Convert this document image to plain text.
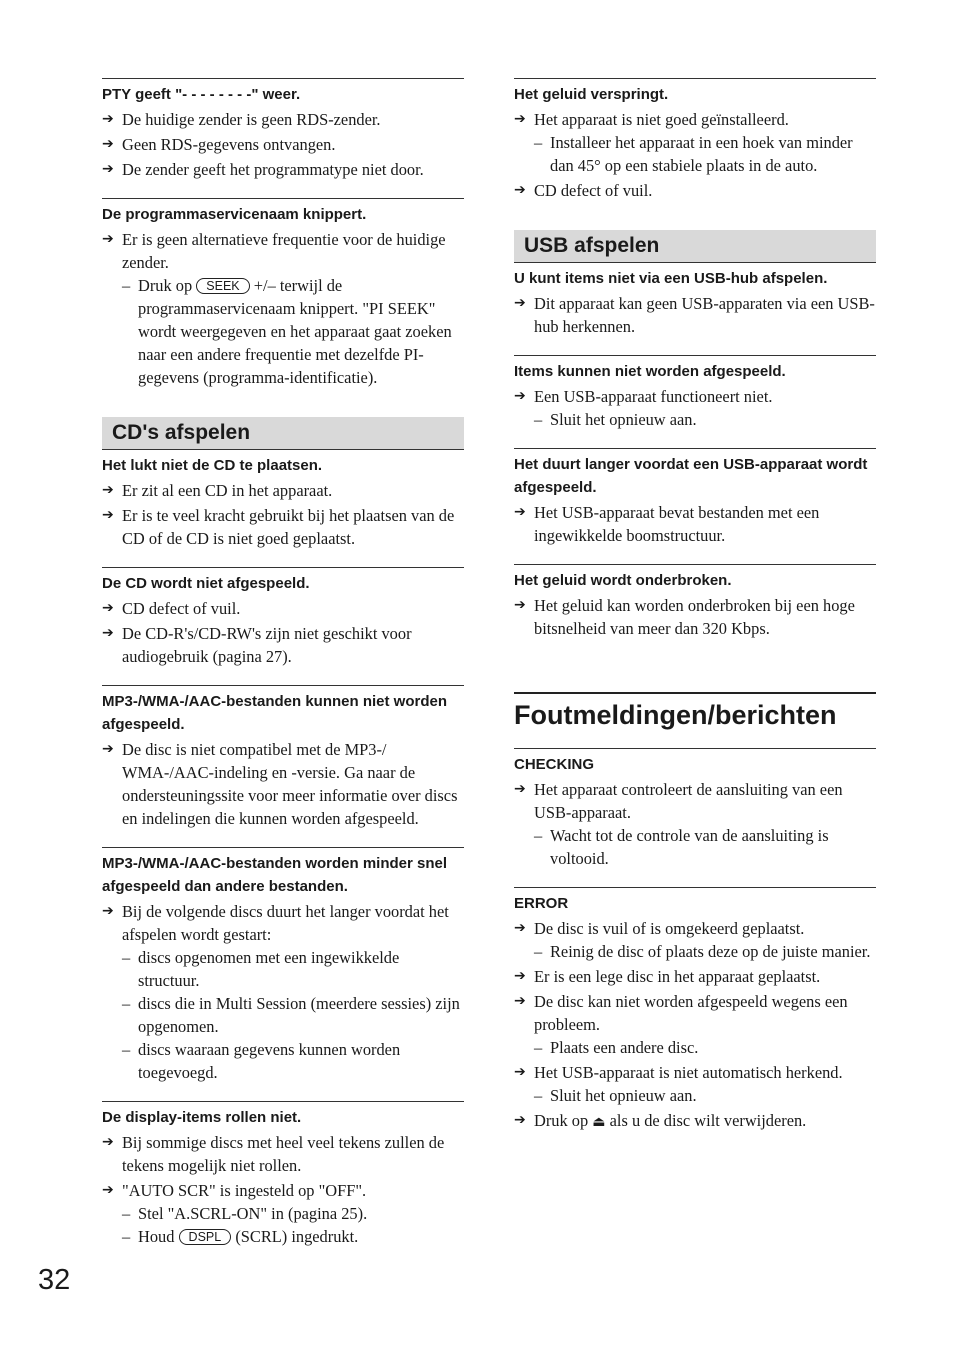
PTY geeft "- - - - - - - -" weer.
➔ De huidige zender is geen RDS-zender.
➔ Geen RDS-gegevens ontvangen.
➔ De zender geeft het programmatype niet door.
De programmaservicenaam knippert.
➔ Er is geen alternatieve frequentie voor de huidige zender.
– Druk op SEEK +/– terwijl de programmaservicenaam knippert. "PI SEEK" wordt weergegeven en het apparaat gaat zoeken naar een andere frequentie met dezelfde PI-gegevens (programma-identificatie).
CD's afspelen
Het lukt niet de CD te plaatsen.
➔ Er zit al een CD in het apparaat.
➔ Er is te veel kracht gebruikt bij het plaatsen van de CD of de CD is niet goed geplaatst.
De CD wordt niet afgespeeld.
➔ CD defect of vuil.
➔ De CD-R's/CD-RW's zijn niet geschikt voor audiogebruik (pagina 27).
MP3-/WMA-/AAC-bestanden kunnen niet worden afgespeeld.
➔ De disc is niet compatibel met de MP3-/ WMA-/AAC-indeling en -versie. Ga naar de ondersteuningssite voor meer informatie over discs en indelingen die kunnen worden afgespeeld.
MP3-/WMA-/AAC-bestanden worden minder snel afgespeeld dan andere bestanden.
➔ Bij de volgende discs duurt het langer voordat het afspelen wordt gestart:
– discs opgenomen met een ingewikkelde structuur.
– discs die in Multi Session (meerdere sessies) zijn opgenomen.
– discs waaraan gegevens kunnen worden toegevoegd.
De display-items rollen niet.
➔ Bij sommige discs met heel veel tekens zullen de tekens mogelijk niet rollen.
➔ "AUTO SCR" is ingesteld op "OFF".
– Stel "A.SCRL-ON" in (pagina 25).
– Houd DSPL (SCRL) ingedrukt.
Het geluid verspringt.
➔ Het apparaat is niet goed geïnstalleerd.
– Installeer het apparaat in een hoek van minder dan 45° op een stabiele plaats in de auto.
➔ CD defect of vuil.
USB afspelen
U kunt items niet via een USB-hub afspelen.
➔ Dit apparaat kan geen USB-apparaten via een USB-hub herkennen.
Items kunnen niet worden afgespeeld.
➔ Een USB-apparaat functioneert niet.
– Sluit het opnieuw aan.
Het duurt langer voordat een USB-apparaat wordt afgespeeld.
➔ Het USB-apparaat bevat bestanden met een ingewikkelde boomstructuur.
Het geluid wordt onderbroken.
➔ Het geluid kan worden onderbroken bij een hoge bitsnelheid van meer dan 320 Kbps.
Foutmeldingen/berichten
CHECKING
➔ Het apparaat controleert de aansluiting van een USB-apparaat.
– Wacht tot de controle van de aansluiting is voltooid.
ERROR
➔ De disc is vuil of is omgekeerd geplaatst.
– Reinig de disc of plaats deze op de juiste manier.
➔ Er is een lege disc in het apparaat geplaatst.
➔ De disc kan niet worden afgespeeld wegens een probleem.
– Plaats een andere disc.
➔ Het USB-apparaat is niet automatisch herkend.
– Sluit het opnieuw aan.
➔ Druk op ⏏ als u de disc wilt verwijderen.
32
